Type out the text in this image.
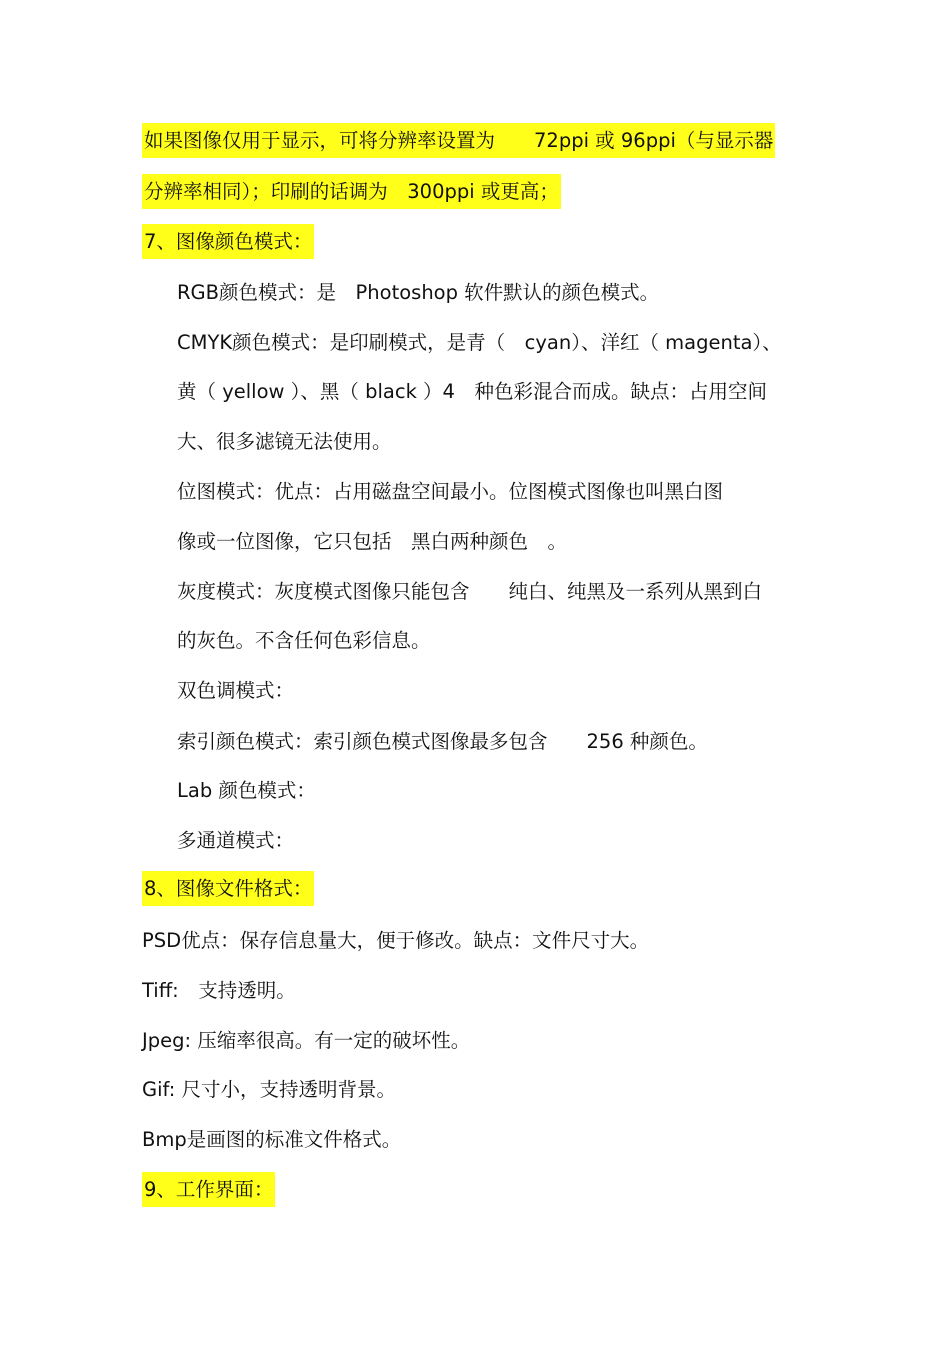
如果图像仅用于显示，可将分辨率设置为　　72ppi 或 96ppi（与显示器
分辨率相同）；印刷的话调为　300ppi 或更高；
7、图像颜色模式：
RGB颜色模式：是　Photoshop 软件默认的颜色模式。
CMYK颜色模式：是印刷模式，是青（　cyan）、洋红（ magenta）、
黄（ yellow ）、黑（ black ）4　种色彩混合而成。缺点：占用空间
大、很多滤镜无法使用。
位图模式：优点：占用磁盘空间最小。位图模式图像也叫黑白图
像或一位图像，它只包括　黑白两种颜色　。
灰度模式：灰度模式图像只能包含　　纯白、纯黑及一系列从黑到白
的灰色。不含任何色彩信息。
双色调模式：
索引颜色模式：索引颜色模式图像最多包含　　256 种颜色。
Lab 颜色模式：
多通道模式：
8、图像文件格式：
PSD优点：保存信息量大，便于修改。缺点：文件尺寸大。
Tiff:　支持透明。
Jpeg: 压缩率很高。有一定的破坏性。
Gif: 尺寸小，支持透明背景。
Bmp是画图的标准文件格式。
9、工作界面：
